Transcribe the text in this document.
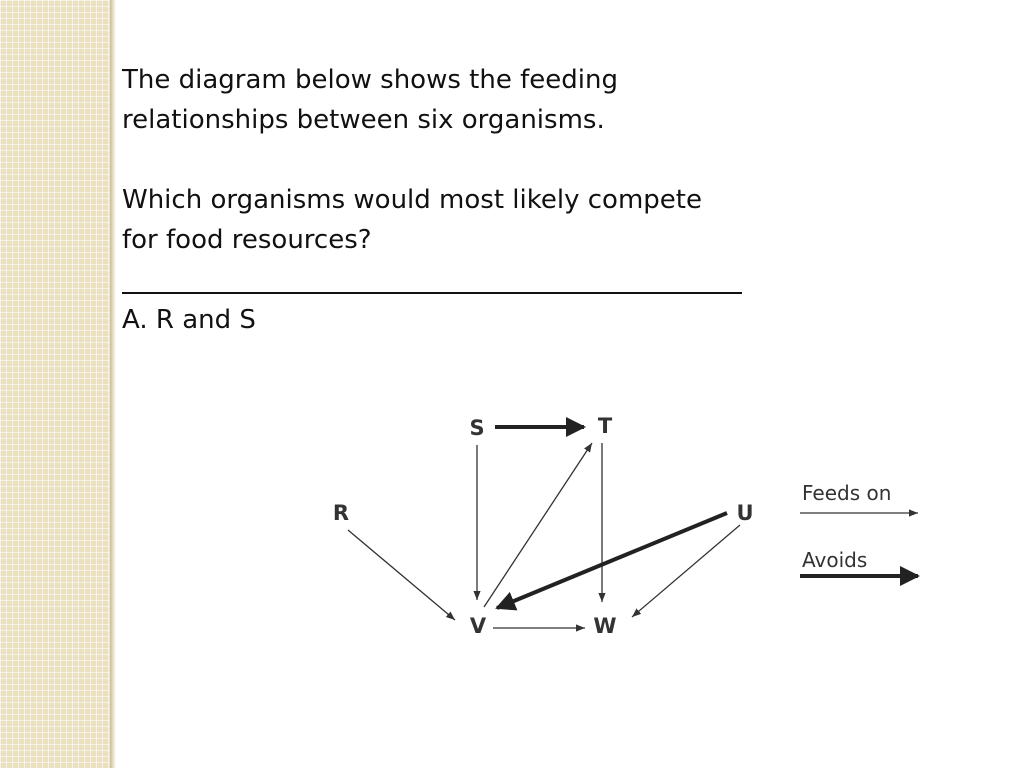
The diagram below shows the feeding

relationships between six organisms.

Which organisms would most likely compete

for food resources?

A. R and S

S	T
R	U
V	W
Feeds on
Avoids
